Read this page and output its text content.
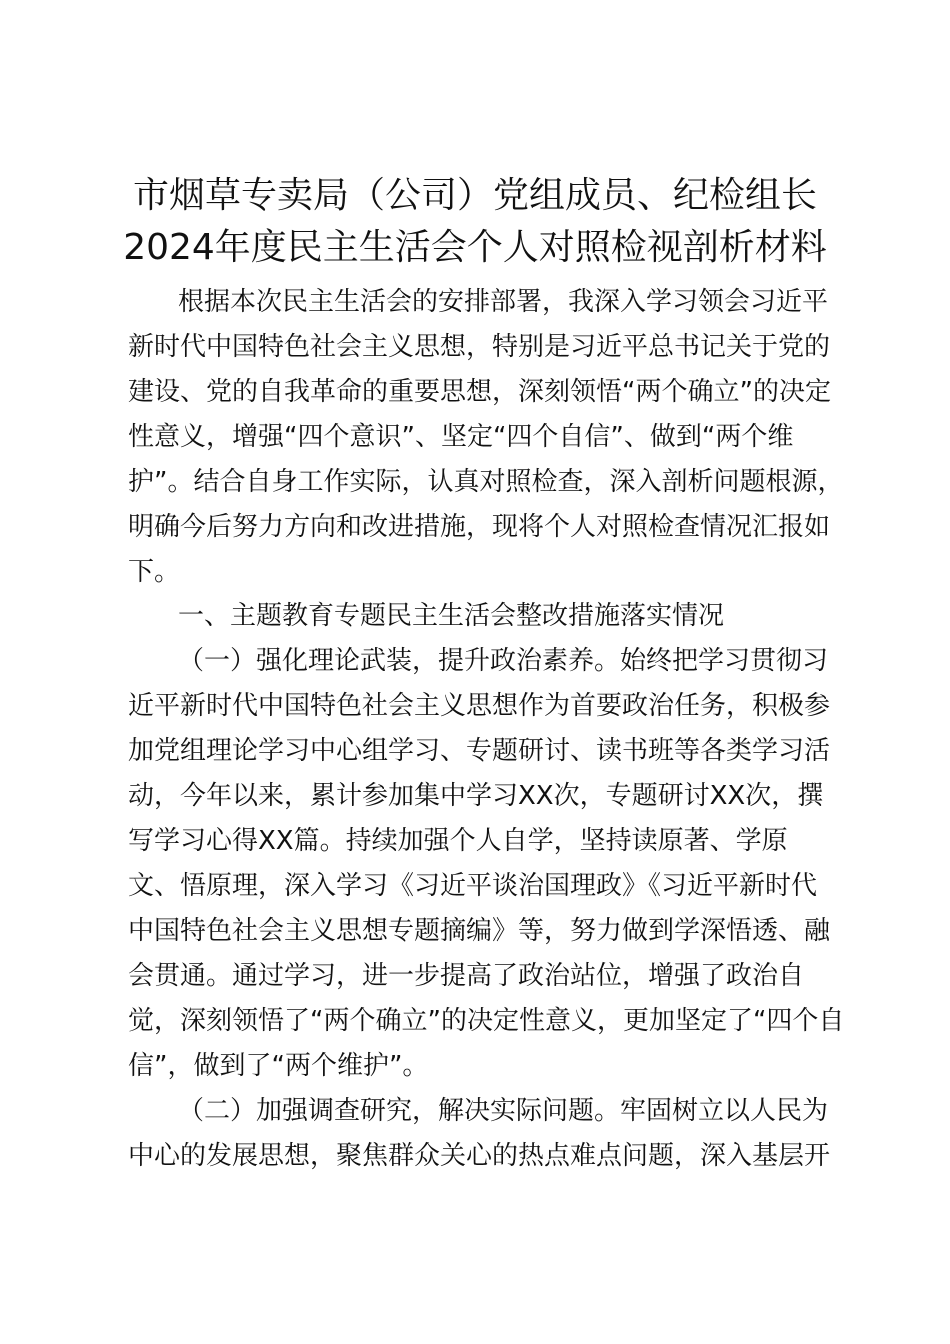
市烟草专卖局（公司）党组成员、纪检组长
2024年度民主生活会个人对照检视剖析材料
根据本次民主生活会的安排部署，我深入学习领会习近平
新时代中国特色社会主义思想，特别是习近平总书记关于党的
建设、党的自我革命的重要思想，深刻领悟“两个确立”的决定
性意义，增强“四个意识”、坚定“四个自信”、做到“两个维
护”。结合自身工作实际，认真对照检查，深入剖析问题根源，
明确今后努力方向和改进措施，现将个人对照检查情况汇报如
下。
一、主题教育专题民主生活会整改措施落实情况
（一）强化理论武装，提升政治素养。始终把学习贯彻习
近平新时代中国特色社会主义思想作为首要政治任务，积极参
加党组理论学习中心组学习、专题研讨、读书班等各类学习活
动，今年以来，累计参加集中学习XX次，专题研讨XX次，撰
写学习心得XX篇。持续加强个人自学，坚持读原著、学原
文、悟原理，深入学习《习近平谈治国理政》《习近平新时代
中国特色社会主义思想专题摘编》等，努力做到学深悟透、融
会贯通。通过学习，进一步提高了政治站位，增强了政治自
觉，深刻领悟了“两个确立”的决定性意义，更加坚定了“四个自
信”，做到了“两个维护”。
（二）加强调查研究，解决实际问题。牢固树立以人民为
中心的发展思想，聚焦群众关心的热点难点问题，深入基层开
